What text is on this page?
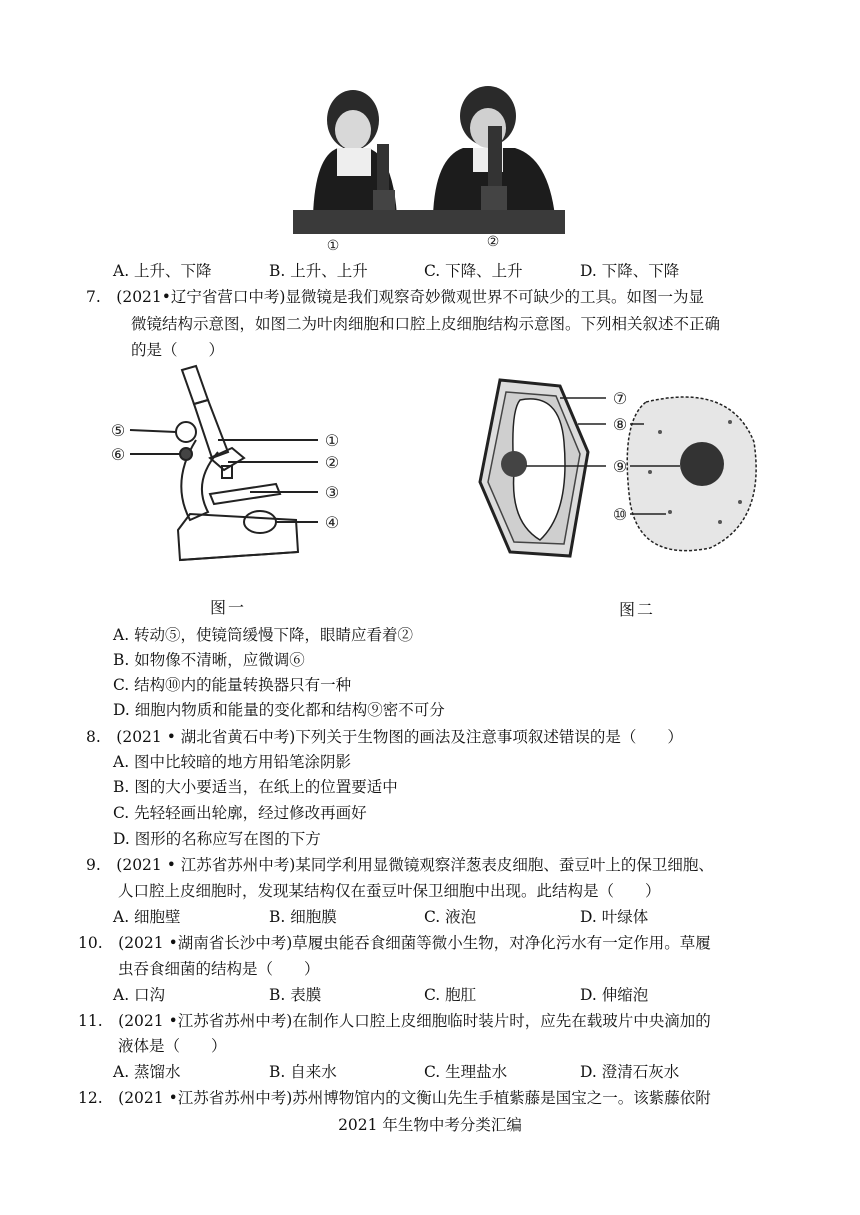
①	②
A. 上升、下降	B. 上升、上升	C. 下降、上升	D. 下降、下降
7.　(2021•辽宁省营口中考)显微镜是我们观察奇妙微观世界不可缺少的工具。如图一为显
微镜结构示意图，如图二为叶肉细胞和口腔上皮细胞结构示意图。下列相关叙述不正确
的是（　　）
⑤
⑥
①
②
③
④
图一
⑦
⑧
⑨
⑩
图二
A. 转动⑤，使镜筒缓慢下降，眼睛应看着②
B. 如物像不清晰，应微调⑥
C. 结构⑩内的能量转换器只有一种
D. 细胞内物质和能量的变化都和结构⑨密不可分
8.　(2021 • 湖北省黄石中考)下列关于生物图的画法及注意事项叙述错误的是（　　）
A. 图中比较暗的地方用铅笔涂阴影
B. 图的大小要适当，在纸上的位置要适中
C. 先轻轻画出轮廓，经过修改再画好
D. 图形的名称应写在图的下方
9.　(2021 • 江苏省苏州中考)某同学利用显微镜观察洋葱表皮细胞、蚕豆叶上的保卫细胞、
人口腔上皮细胞时，发现某结构仅在蚕豆叶保卫细胞中出现。此结构是（　　）
A. 细胞壁	B. 细胞膜	C. 液泡	D. 叶绿体
10.　(2021 •湖南省长沙中考)草履虫能吞食细菌等微小生物，对净化污水有一定作用。草履
虫吞食细菌的结构是（　　）
A. 口沟	B. 表膜	C. 胞肛	D. 伸缩泡
11.　(2021 •江苏省苏州中考)在制作人口腔上皮细胞临时装片时，应先在载玻片中央滴加的
液体是（　　）
A. 蒸馏水	B. 自来水	C. 生理盐水	D. 澄清石灰水
12.　(2021 •江苏省苏州中考)苏州博物馆内的文衡山先生手植紫藤是国宝之一。该紫藤依附
2021 年生物中考分类汇编
